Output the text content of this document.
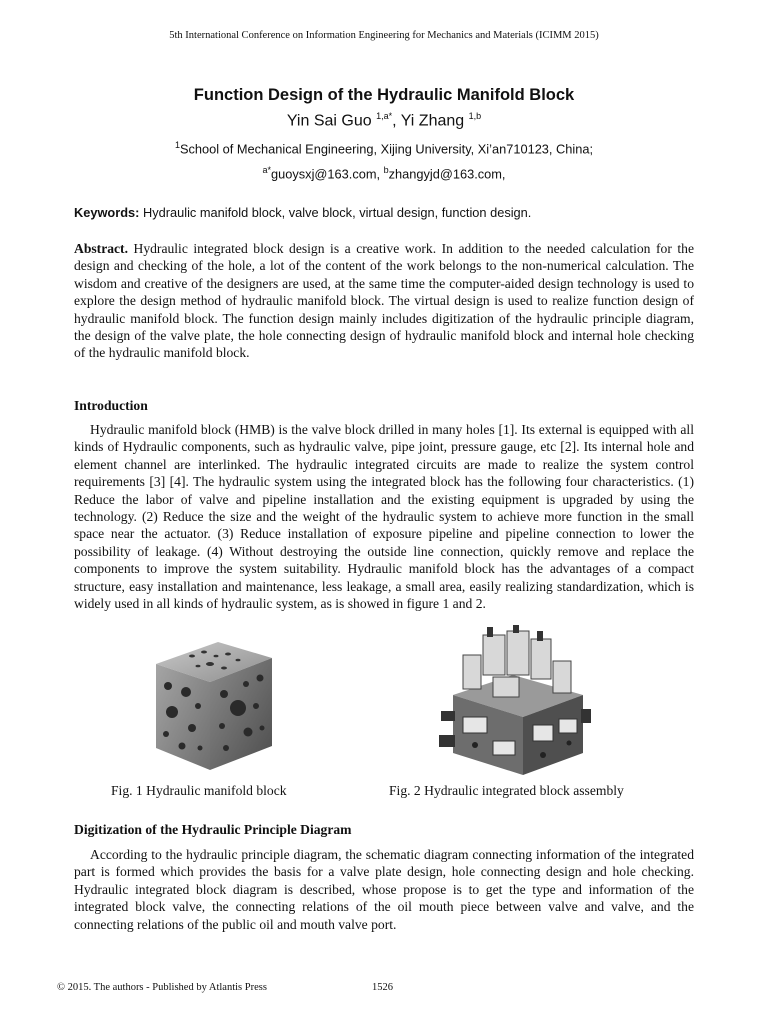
5th International Conference on Information Engineering for Mechanics and Materials (ICIMM 2015)
Function Design of the Hydraulic Manifold Block
Yin Sai Guo $^{1,a*}$, Yi Zhang $^{1,b}$
$^1$School of Mechanical Engineering, Xijing University, Xi’an710123, China;
$^{a*}$guoysxj@163.com, $^b$zhangyjd@163.com,
Keywords: Hydraulic manifold block, valve block, virtual design, function design.
Abstract. Hydraulic integrated block design is a creative work. In addition to the needed calculation for the design and checking of the hole, a lot of the content of the work belongs to the non-numerical calculation. The wisdom and creative of the designers are used, at the same time the computer-aided design technology is used to explore the design method of hydraulic manifold block. The virtual design is used to realize function design of hydraulic manifold block. The function design mainly includes digitization of the hydraulic principle diagram, the design of the valve plate, the hole connecting design of hydraulic manifold block and internal hole checking of the hydraulic manifold block.
Introduction
Hydraulic manifold block (HMB) is the valve block drilled in many holes [1]. Its external is equipped with all kinds of Hydraulic components, such as hydraulic valve, pipe joint, pressure gauge, etc [2]. Its internal hole and element channel are interlinked. The hydraulic integrated circuits are made to realize the system control requirements [3] [4]. The hydraulic system using the integrated block has the following four characteristics. (1) Reduce the labor of valve and pipeline installation and the existing equipment is upgraded by using the technology. (2) Reduce the size and the weight of the hydraulic system to achieve more function in the small space near the actuator. (3) Reduce installation of exposure pipeline and pipeline connection to lower the possibility of leakage. (4) Without destroying the outside line connection, quickly remove and replace the components to improve the system suitability. Hydraulic manifold block has the advantages of a compact structure, easy installation and maintenance, less leakage, a small area, easily realizing standardization, which is widely used in all kinds of hydraulic system, as is showed in figure 1 and 2.
Fig. 1 Hydraulic manifold block	Fig. 2 Hydraulic integrated block assembly
Digitization of the Hydraulic Principle Diagram
According to the hydraulic principle diagram, the schematic diagram connecting information of the integrated part is formed which provides the basis for a valve plate design, hole connecting design and hole checking. Hydraulic integrated block diagram is described, whose propose is to get the type and information of the integrated block valve, the connecting relations of the oil mouth piece between valve and valve, and the connecting relations of the public oil and mouth valve port.
© 2015. The authors - Published by Atlantis Press	1526
